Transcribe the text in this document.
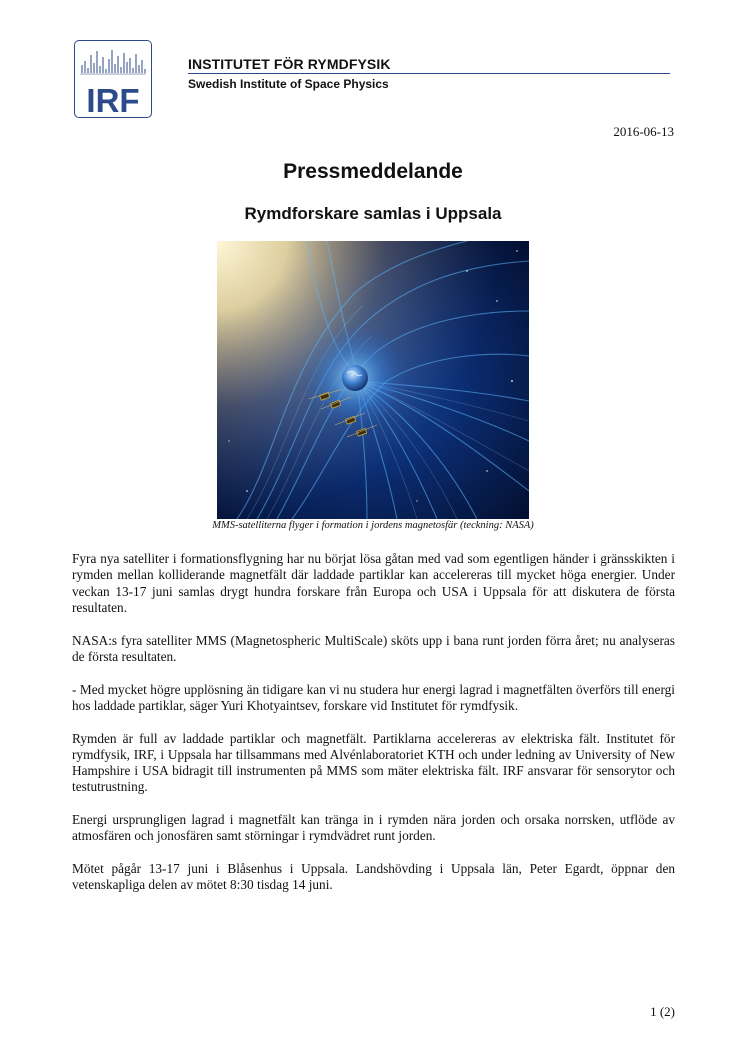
IRF
INSTITUTET FÖR RYMDFYSIK
Swedish Institute of Space Physics
2016-06-13
Pressmeddelande
Rymdforskare samlas i Uppsala
MMS-satelliterna flyger i formation i jordens magnetosfär (teckning: NASA)

Fyra nya satelliter i formationsflygning har nu börjat lösa gåtan med vad som egentligen händer i gränsskikten i rymden mellan kolliderande magnetfält där laddade partiklar kan accelereras till mycket höga energier. Under veckan 13-17 juni samlas drygt hundra forskare från Europa och USA i Uppsala för att diskutera de första resultaten.

NASA:s fyra satelliter MMS (Magnetospheric MultiScale) sköts upp i bana runt jorden förra året; nu analyseras de första resultaten.

- Med mycket högre upplösning än tidigare kan vi nu studera hur energi lagrad i magnetfälten överförs till energi hos laddade partiklar, säger Yuri Khotyaintsev, forskare vid Institutet för rymdfysik.

Rymden är full av laddade partiklar och magnetfält. Partiklarna accelereras av elektriska fält. Institutet för rymdfysik, IRF, i Uppsala har tillsammans med Alvénlaboratoriet KTH och under ledning av University of New Hampshire i USA bidragit till instrumenten på MMS som mäter elektriska fält. IRF ansvarar för sensorytor och testutrustning.

Energi ursprungligen lagrad i magnetfält kan tränga in i rymden nära jorden och orsaka norrsken, utflöde av atmosfären och jonosfären samt störningar i rymdvädret runt jorden.

Mötet pågår 13-17 juni i Blåsenhus i Uppsala. Landshövding i Uppsala län, Peter Egardt, öppnar den vetenskapliga delen av mötet 8:30 tisdag 14 juni.

1 (2)
